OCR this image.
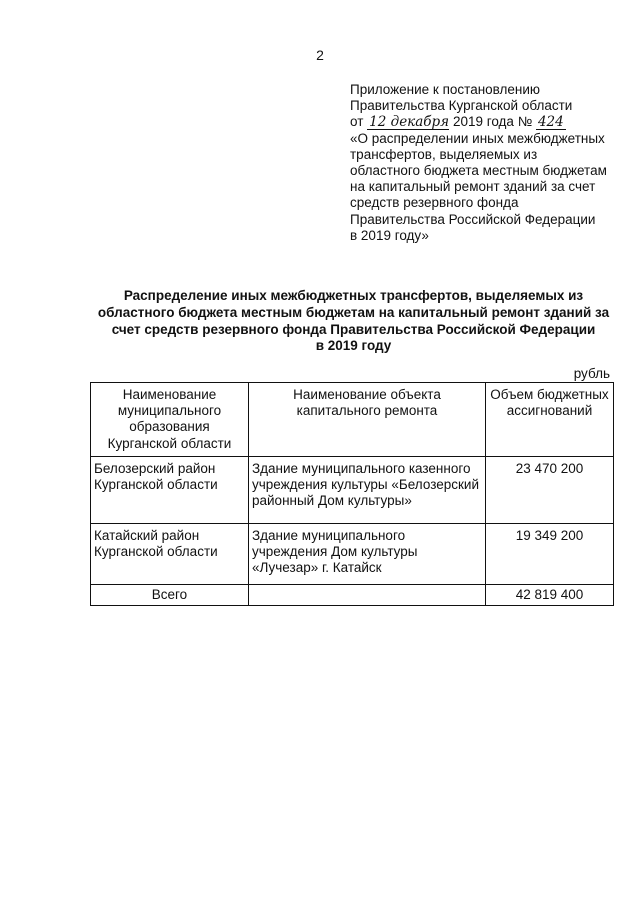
2
Приложение к постановлению
Правительства Курганской области
от 12 декабря 2019 года № 424
«О распределении иных межбюджетных
трансфертов, выделяемых из
областного бюджета местным бюджетам
на капитальный ремонт зданий за счет
средств резервного фонда
Правительства Российской Федерации
в 2019 году»
Распределение иных межбюджетных трансфертов, выделяемых из
областного бюджета местным бюджетам на капитальный ремонт зданий за
счет средств резервного фонда Правительства Российской Федерации
в 2019 году
рубль
Наименование муниципального образования Курганской области	Наименование объекта капитального ремонта	Объем бюджетных ассигнований
Белозерский район Курганской области	Здание муниципального казенного учреждения культуры «Белозерский районный Дом культуры»	23 470 200
Катайский район Курганской области	Здание муниципального учреждения Дом культуры «Лучезар» г. Катайск	19 349 200
Всего		42 819 400
